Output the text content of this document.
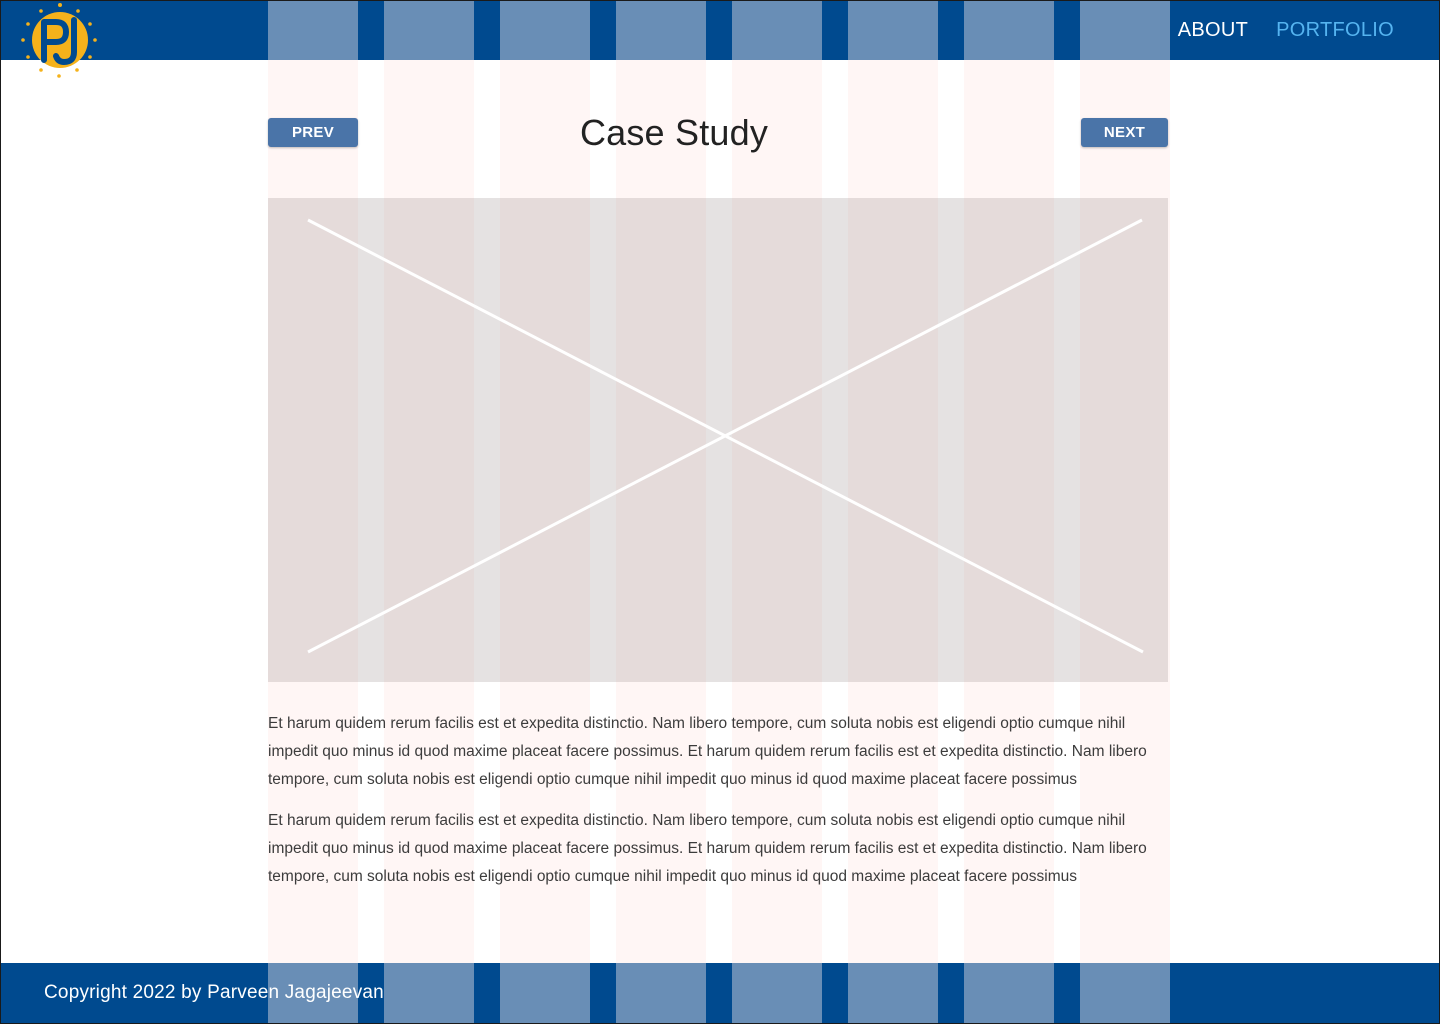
PJ
ABOUT PORTFOLIO
PREV	Case Study	NEXT

Et harum quidem rerum facilis est et expedita distinctio. Nam libero tempore, cum soluta nobis est eligendi optio cumque nihil impedit quo minus id quod maxime placeat facere possimus. Et harum quidem rerum facilis est et expedita distinctio. Nam libero tempore, cum soluta nobis est eligendi optio cumque nihil impedit quo minus id quod maxime placeat facere possimus

Et harum quidem rerum facilis est et expedita distinctio. Nam libero tempore, cum soluta nobis est eligendi optio cumque nihil impedit quo minus id quod maxime placeat facere possimus. Et harum quidem rerum facilis est et expedita distinctio. Nam libero tempore, cum soluta nobis est eligendi optio cumque nihil impedit quo minus id quod maxime placeat facere possimus

Copyright 2022 by Parveen Jagajeevan
